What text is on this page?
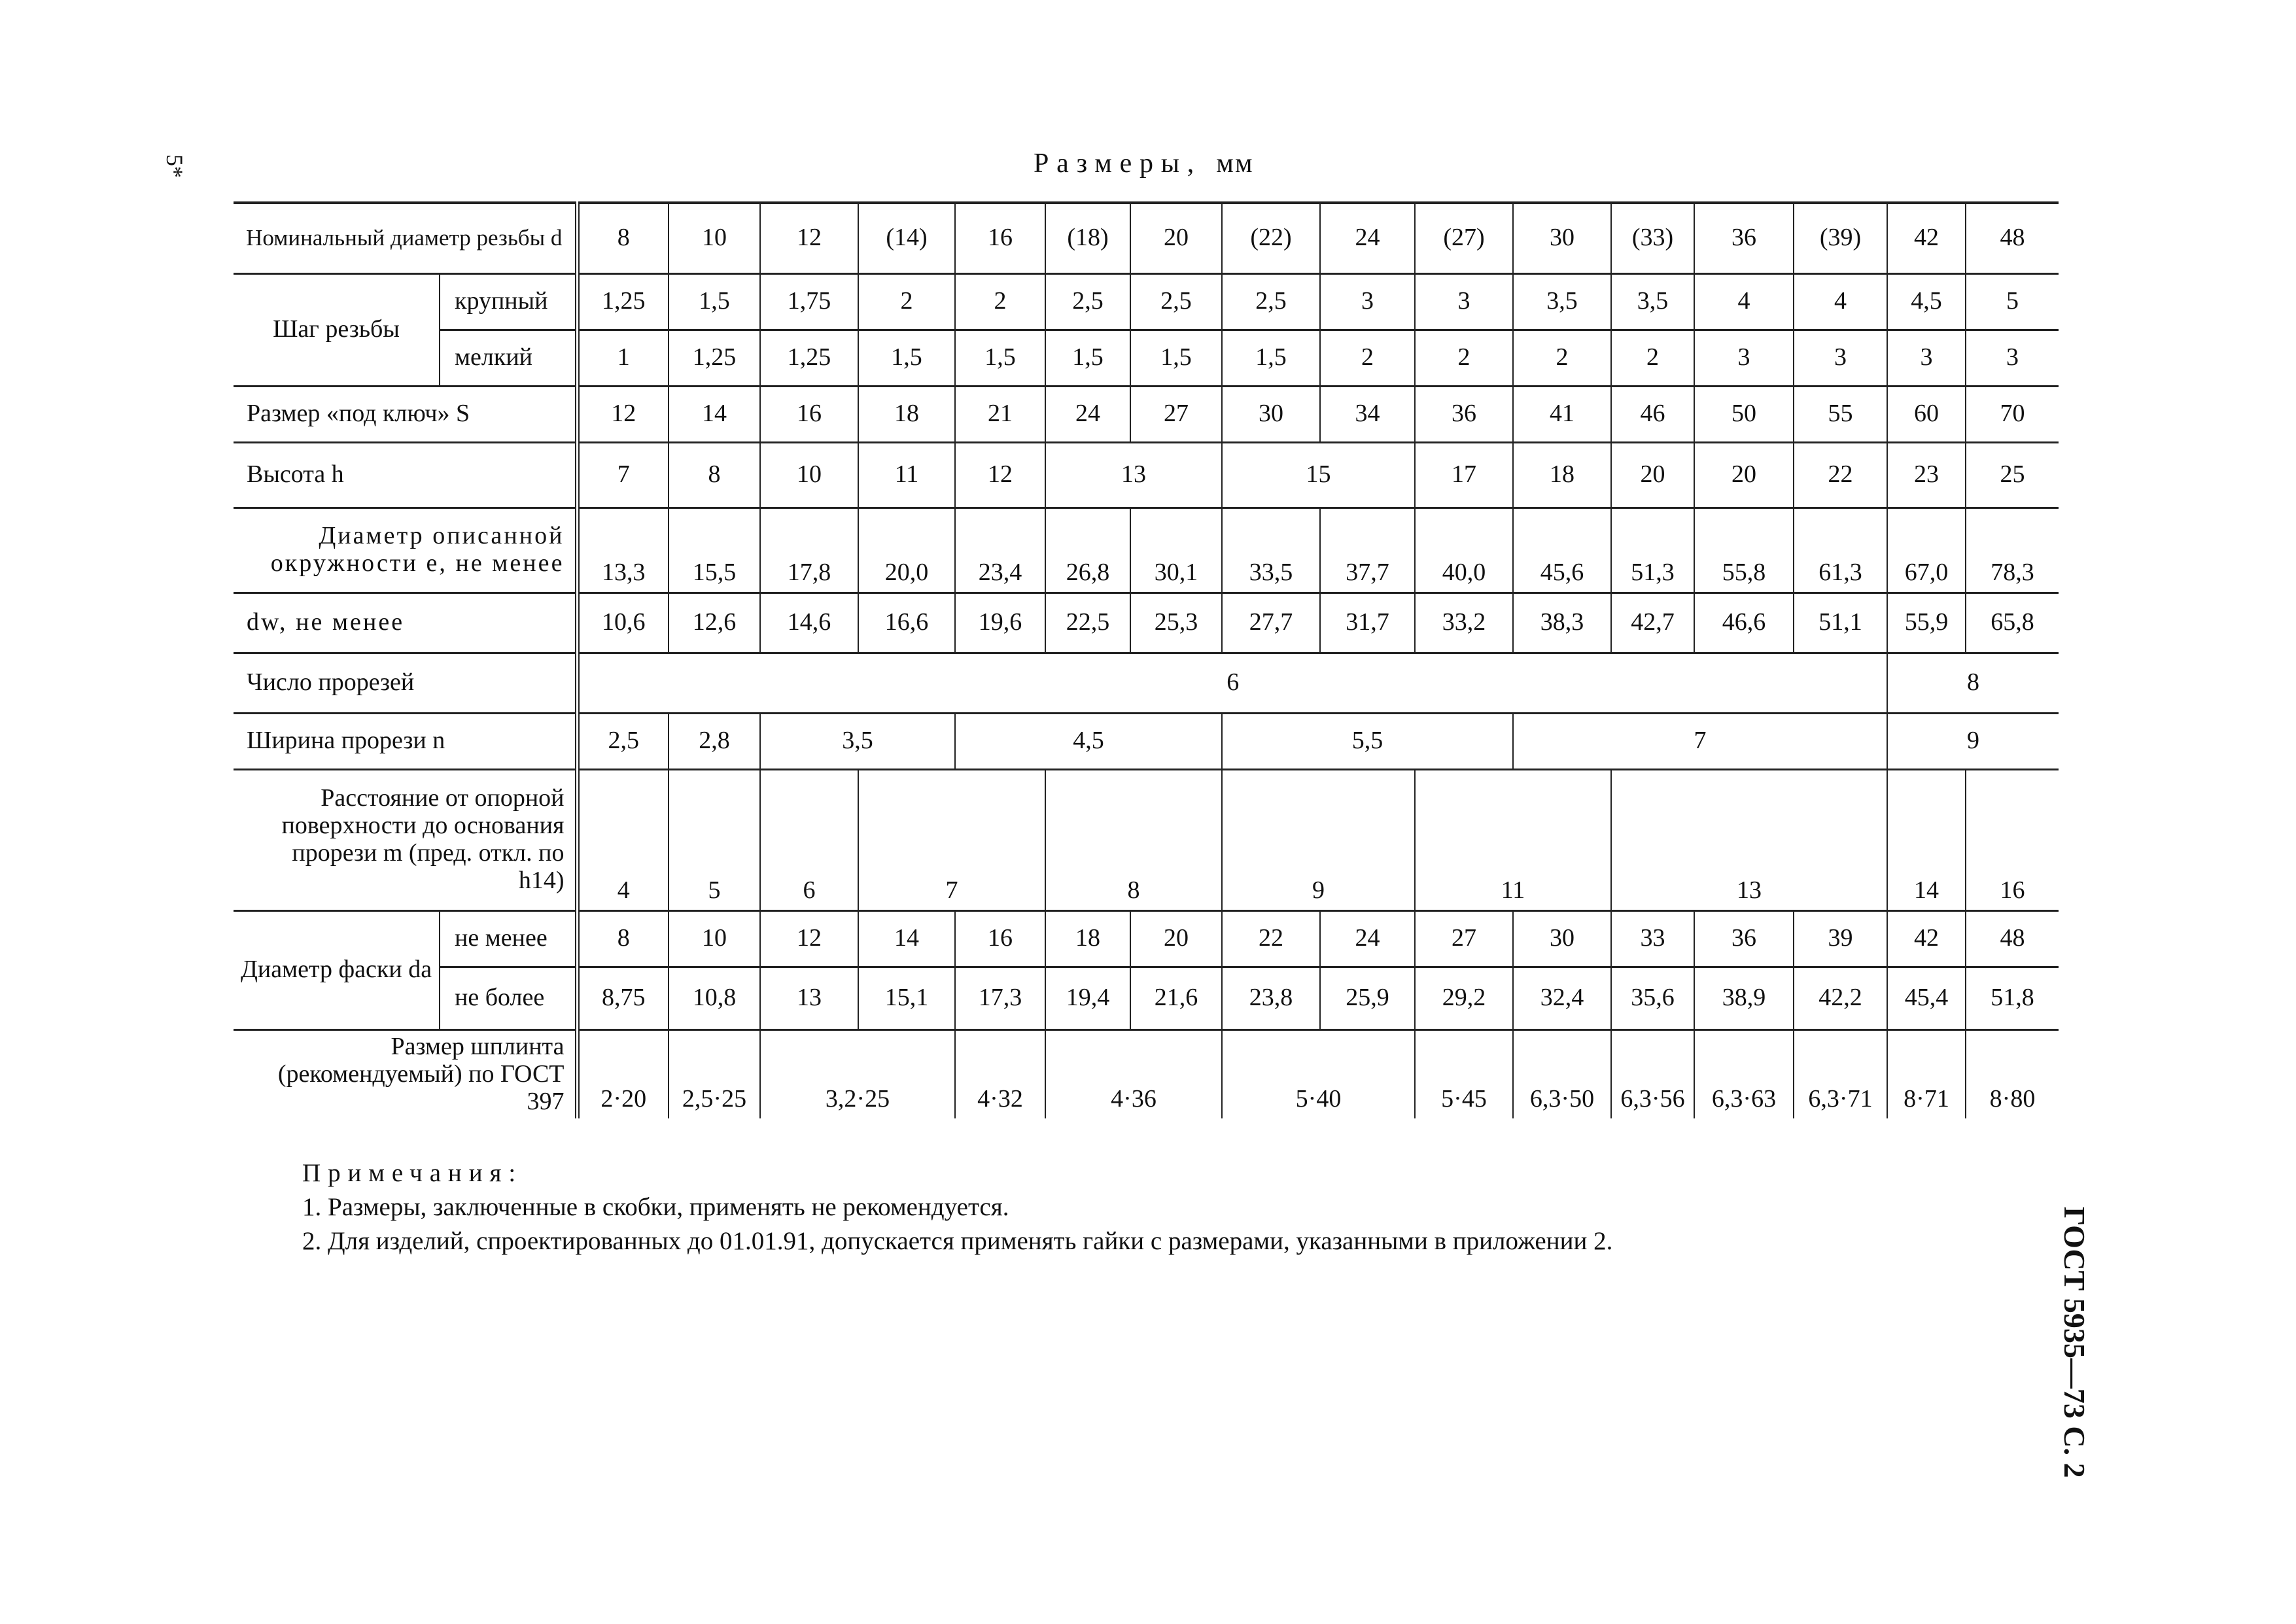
5*	Размеры, мм
Номинальный диаметр резьбы d		8	10	12	(14)	16	(18)	20	(22)	24	(27)	30	(33)	36	(39)	42	48
Шаг резьбы	крупный	1,25	1,5	1,75	2	2	2,5	2,5	2,5	3	3	3,5	3,5	4	4	4,5	5
	мелкий	1	1,25	1,25	1,5	1,5	1,5	1,5	1,5	2	2	2	2	3	3	3	3
Размер «под ключ» S		12	14	16	18	21	24	27	30	34	36	41	46	50	55	60	70
Высота h		7	8	10	11	12	13		15		17	18	20	20	22	23	25
Диаметр описанной окружности e, не менее		13,3	15,5	17,8	20,0	23,4	26,8	30,1	33,5	37,7	40,0	45,6	51,3	55,8	61,3	67,0	78,3
dw, не менее		10,6	12,6	14,6	16,6	19,6	22,5	25,3	27,7	31,7	33,2	38,3	42,7	46,6	51,1	55,9	65,8
Число прорезей		6														8	
Ширина прорези n		2,5	2,8	3,5		4,5			5,5			7				9	
Расстояние от опорной поверхности до основания прорези m (пред. откл. по h14)		4	5	6	7		8		9		11		13			14	16
Диаметр фаски da	не менее	8	10	12	14	16	18	20	22	24	27	30	33	36	39	42	48
	не более	8,75	10,8	13	15,1	17,3	19,4	21,6	23,8	25,9	29,2	32,4	35,6	38,9	42,2	45,4	51,8
Размер шплинта (рекомендуемый) по ГОСТ 397		2·20	2,5·25	3,2·25		4·32	4·36		5·40		5·45	6,3·50	6,3·56	6,3·63	6,3·71	8·71	8·80
Примечания:
1. Размеры, заключенные в скобки, применять не рекомендуется.
2. Для изделий, спроектированных до 01.01.91, допускается применять гайки с размерами, указанными в приложении 2.	ГОСТ 5935—73 С. 2
